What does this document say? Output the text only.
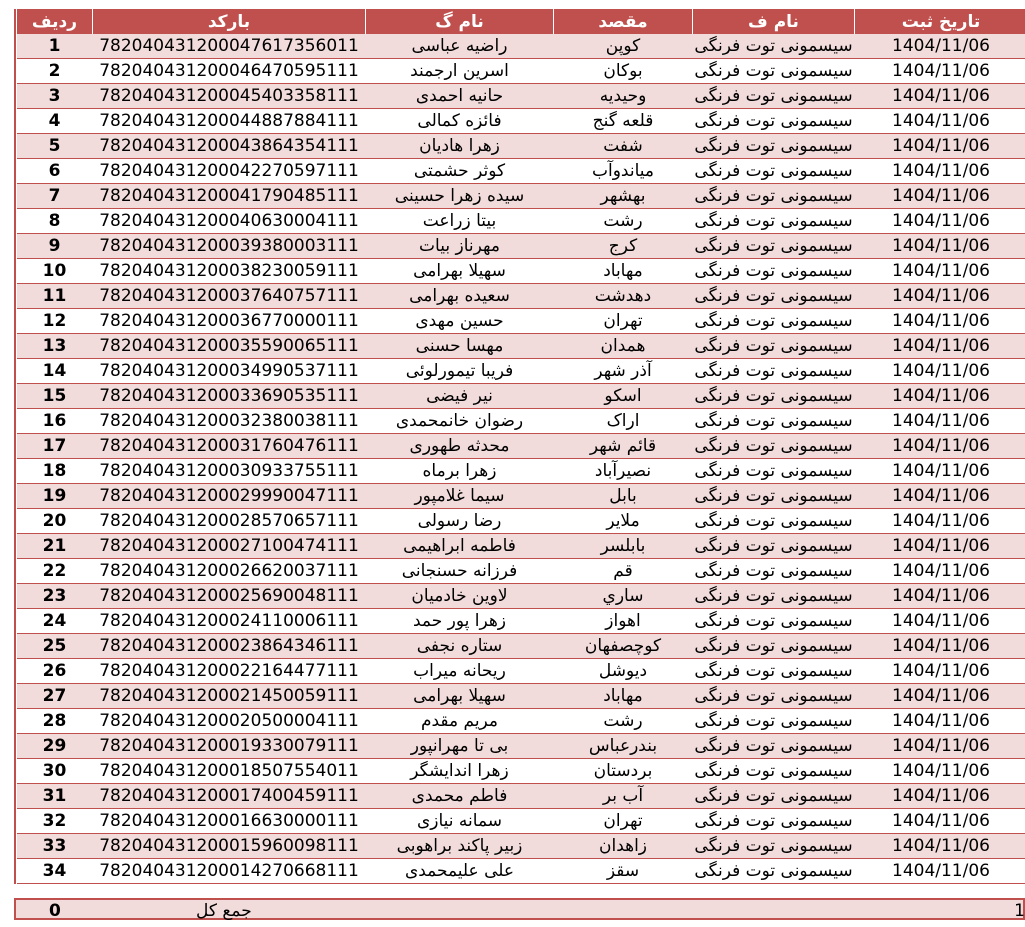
ردیف	بارکد	نام گ	مقصد	نام ف	تاریخ ثبت
1	782040431200047617356011	راضیه عباسی	کوپن	سیسمونی توت فرنگی	1404/11/06
2	782040431200046470595111	اسرین ارجمند	بوکان	سیسمونی توت فرنگی	1404/11/06
3	782040431200045403358111	حانیه احمدی	وحیدیه	سیسمونی توت فرنگی	1404/11/06
4	782040431200044887884111	فائزه کمالی	قلعه گنج	سیسمونی توت فرنگی	1404/11/06
5	782040431200043864354111	زهرا هادیان	شفت	سیسمونی توت فرنگی	1404/11/06
6	782040431200042270597111	کوثر حشمتی	میاندوآب	سیسمونی توت فرنگی	1404/11/06
7	782040431200041790485111	سیده زهرا حسینی	بهشهر	سیسمونی توت فرنگی	1404/11/06
8	782040431200040630004111	بیتا زراعت	رشت	سیسمونی توت فرنگی	1404/11/06
9	782040431200039380003111	مهرناز بیات	کرج	سیسمونی توت فرنگی	1404/11/06
10	782040431200038230059111	سهیلا بهرامی	مهاباد	سیسمونی توت فرنگی	1404/11/06
11	782040431200037640757111	سعیده بهرامی	دهدشت	سیسمونی توت فرنگی	1404/11/06
12	782040431200036770000111	حسین مهدی	تهران	سیسمونی توت فرنگی	1404/11/06
13	782040431200035590065111	مهسا حسنی	همدان	سیسمونی توت فرنگی	1404/11/06
14	782040431200034990537111	فریبا تیمورلوئی	آذر شهر	سیسمونی توت فرنگی	1404/11/06
15	782040431200033690535111	نیر فیضی	اسکو	سیسمونی توت فرنگی	1404/11/06
16	782040431200032380038111	رضوان خانمحمدی	اراک	سیسمونی توت فرنگی	1404/11/06
17	782040431200031760476111	محدثه طهوری	قائم شهر	سیسمونی توت فرنگی	1404/11/06
18	782040431200030933755111	زهرا برماه	نصیرآباد	سیسمونی توت فرنگی	1404/11/06
19	782040431200029990047111	سیما غلامپور	بابل	سیسمونی توت فرنگی	1404/11/06
20	782040431200028570657111	رضا رسولی	ملایر	سیسمونی توت فرنگی	1404/11/06
21	782040431200027100474111	فاطمه ابراهیمی	بابلسر	سیسمونی توت فرنگی	1404/11/06
22	782040431200026620037111	فرزانه حسنجانی	قم	سیسمونی توت فرنگی	1404/11/06
23	782040431200025690048111	لاوین خادمیان	ساري	سیسمونی توت فرنگی	1404/11/06
24	782040431200024110006111	زهرا پور حمد	اهواز	سیسمونی توت فرنگی	1404/11/06
25	782040431200023864346111	ستاره نجفی	کوچصفهان	سیسمونی توت فرنگی	1404/11/06
26	782040431200022164477111	ریحانه میراب	دیوشل	سیسمونی توت فرنگی	1404/11/06
27	782040431200021450059111	سهیلا بهرامی	مهاباد	سیسمونی توت فرنگی	1404/11/06
28	782040431200020500004111	مریم مقدم	رشت	سیسمونی توت فرنگی	1404/11/06
29	782040431200019330079111	بی تا مهرانپور	بندرعباس	سیسمونی توت فرنگی	1404/11/06
30	782040431200018507554011	زهرا اندایشگر	بردستان	سیسمونی توت فرنگی	1404/11/06
31	782040431200017400459111	فاطم محمدی	آب بر	سیسمونی توت فرنگی	1404/11/06
32	782040431200016630000111	سمانه نیازی	تهران	سیسمونی توت فرنگی	1404/11/06
33	782040431200015960098111	زبیر پاکند براهوبی	زاهدان	سیسمونی توت فرنگی	1404/11/06
34	782040431200014270668111	علی علیمحمدی	سقز	سیسمونی توت فرنگی	1404/11/06
0	جمع کل	1
